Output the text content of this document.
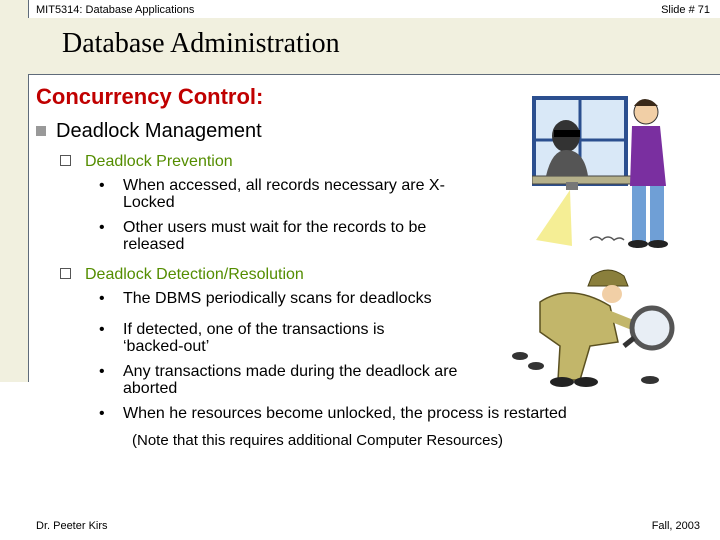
MIT5314: Database Applications	Slide # 71
Database Administration
Concurrency Control:
Deadlock Management
Deadlock Prevention
• When accessed, all records necessary are X-Locked
• Other users must wait for the records to be released
Deadlock Detection/Resolution
• The DBMS periodically scans for deadlocks
• If detected, one of the transactions is ‘backed-out’
• Any transactions made during the deadlock are aborted
• When he resources become unlocked, the process is restarted
(Note that this requires additional Computer Resources)
Dr. Peeter Kirs	Fall, 2003
